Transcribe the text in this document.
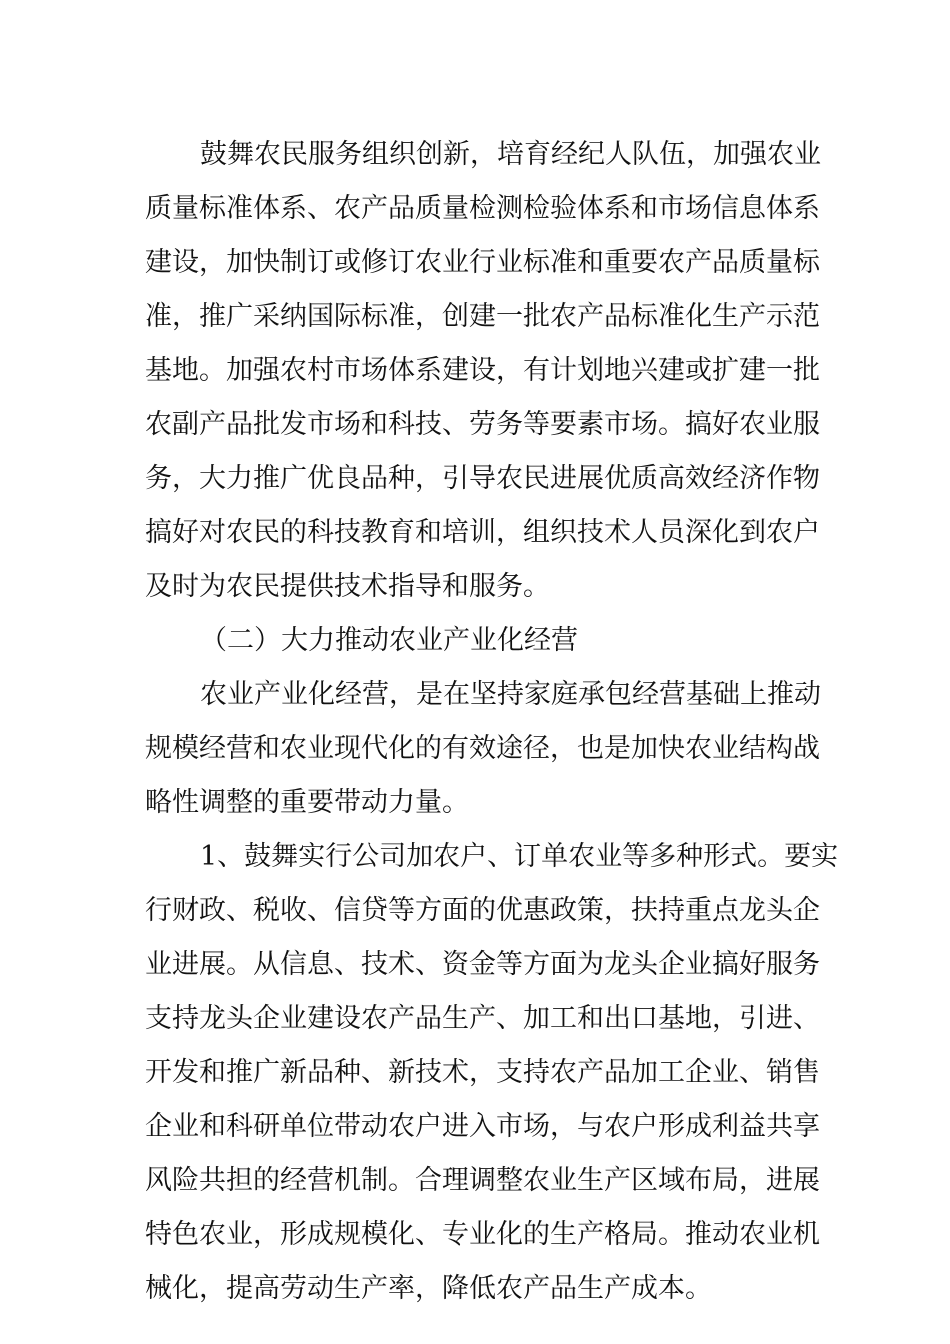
鼓舞农民服务组织创新，培育经纪人队伍，加强农业
质量标准体系、农产品质量检测检验体系和市场信息体系
建设，加快制订或修订农业行业标准和重要农产品质量标
准，推广采纳国际标准，创建一批农产品标准化生产示范
基地。加强农村市场体系建设，有计划地兴建或扩建一批
农副产品批发市场和科技、劳务等要素市场。搞好农业服
务，大力推广优良品种，引导农民进展优质高效经济作物
搞好对农民的科技教育和培训，组织技术人员深化到农户
及时为农民提供技术指导和服务。
（二）大力推动农业产业化经营
农业产业化经营，是在坚持家庭承包经营基础上推动
规模经营和农业现代化的有效途径，也是加快农业结构战
略性调整的重要带动力量。
1、鼓舞实行公司加农户、订单农业等多种形式。要实
行财政、税收、信贷等方面的优惠政策，扶持重点龙头企
业进展。从信息、技术、资金等方面为龙头企业搞好服务
支持龙头企业建设农产品生产、加工和出口基地，引进、
开发和推广新品种、新技术，支持农产品加工企业、销售
企业和科研单位带动农户进入市场，与农户形成利益共享
风险共担的经营机制。合理调整农业生产区域布局，进展
特色农业，形成规模化、专业化的生产格局。推动农业机
械化，提高劳动生产率，降低农产品生产成本。
